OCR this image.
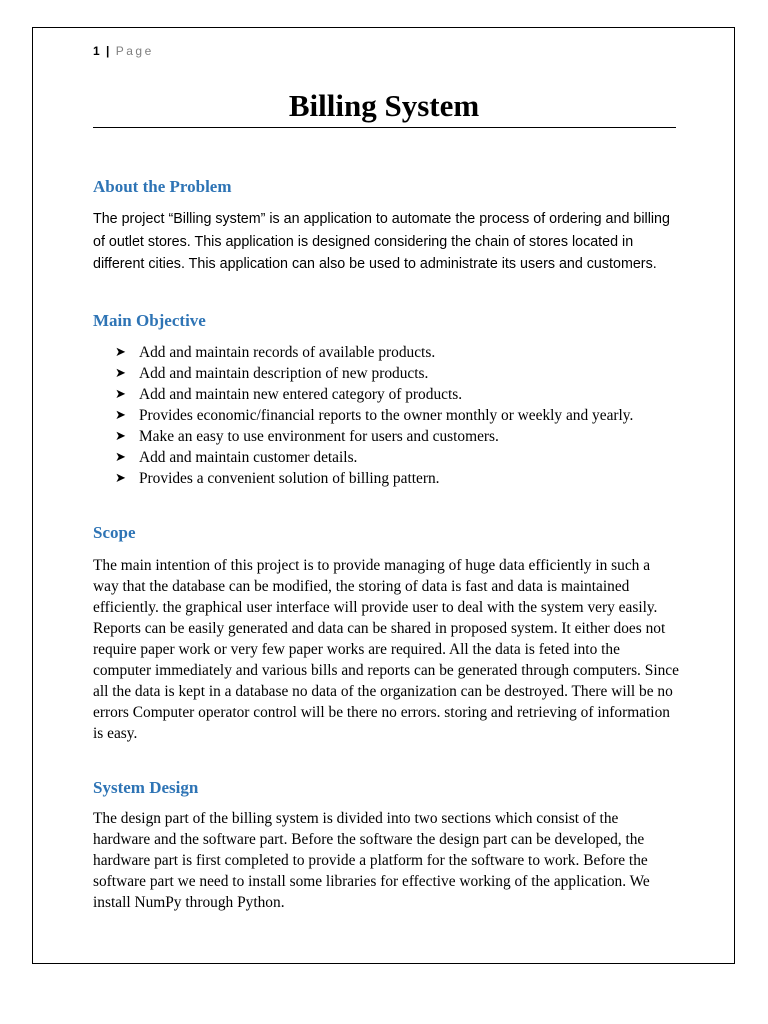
1 | Page
Billing System
About the Problem

The project “Billing system” is an application to automate the process of ordering and billing of outlet stores. This application is designed considering the chain of stores located in different cities. This application can also be used to administrate its users and customers.

Main Objective
➤ Add and maintain records of available products.
➤ Add and maintain description of new products.
➤ Add and maintain new entered category of products.
➤ Provides economic/financial reports to the owner monthly or weekly and yearly.
➤ Make an easy to use environment for users and customers.
➤ Add and maintain customer details.
➤ Provides a convenient solution of billing pattern.
Scope

The main intention of this project is to provide managing of huge data efficiently in such a way that the database can be modified, the storing of data is fast and data is maintained efficiently. the graphical user interface will provide user to deal with the system very easily. Reports can be easily generated and data can be shared in proposed system. It either does not require paper work or very few paper works are required. All the data is feted into the computer immediately and various bills and reports can be generated through computers. Since all the data is kept in a database no data of the organization can be destroyed. There will be no errors Computer operator control will be there no errors. storing and retrieving of information is easy.

System Design

The design part of the billing system is divided into two sections which consist of the hardware and the software part. Before the software the design part can be developed, the hardware part is first completed to provide a platform for the software to work. Before the software part we need to install some libraries for effective working of the application. We install NumPy through Python.
